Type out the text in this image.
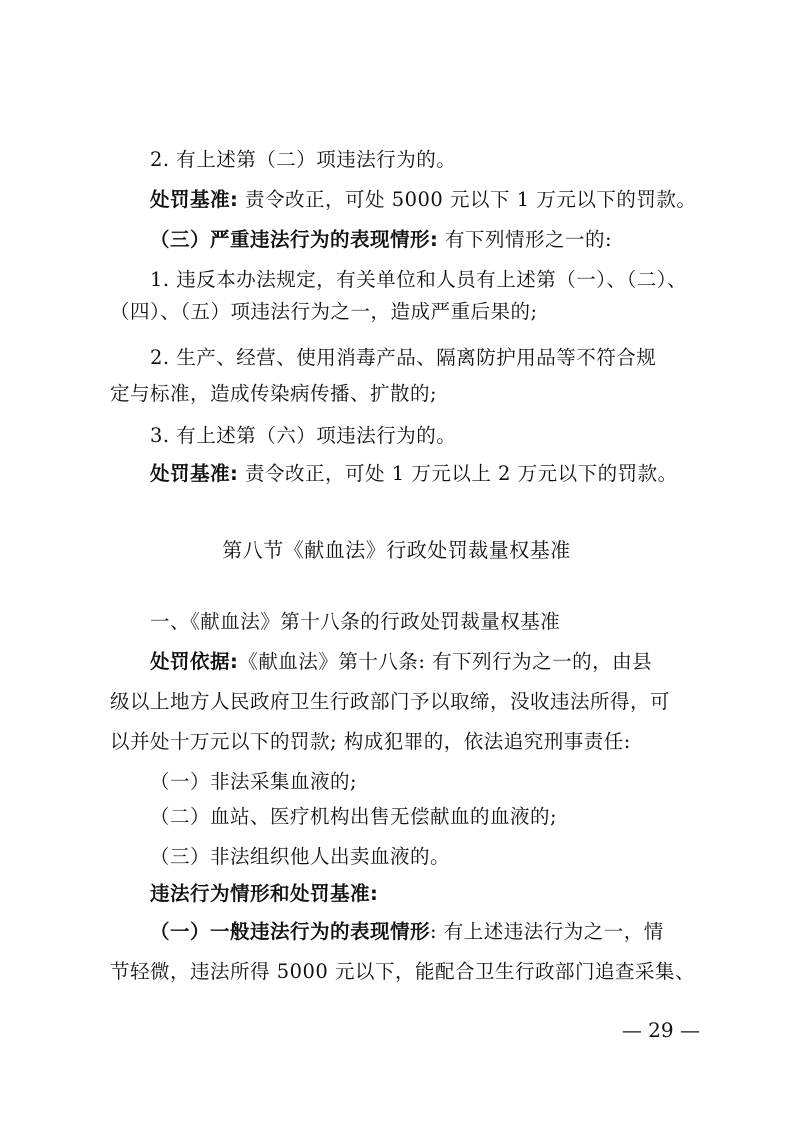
2. 有上述第（二）项违法行为的。
处罚基准: 责令改正，可处 5000 元以下 1 万元以下的罚款。
（三）严重违法行为的表现情形: 有下列情形之一的:
1. 违反本办法规定，有关单位和人员有上述第（一）、（二）、
（四）、（五）项违法行为之一，造成严重后果的;
2. 生产、经营、使用消毒产品、隔离防护用品等不符合规
定与标准，造成传染病传播、扩散的;
3. 有上述第（六）项违法行为的。
处罚基准: 责令改正，可处 1 万元以上 2 万元以下的罚款。
第八节《献血法》行政处罚裁量权基准
一、《献血法》第十八条的行政处罚裁量权基准
处罚依据:《献血法》第十八条: 有下列行为之一的，由县
级以上地方人民政府卫生行政部门予以取缔，没收违法所得，可
以并处十万元以下的罚款; 构成犯罪的，依法追究刑事责任:
（一）非法采集血液的;
（二）血站、医疗机构出售无偿献血的血液的;
（三）非法组织他人出卖血液的。
违法行为情形和处罚基准:
（一）一般违法行为的表现情形: 有上述违法行为之一，情
节轻微，违法所得 5000 元以下，能配合卫生行政部门追查采集、
— 29 —
